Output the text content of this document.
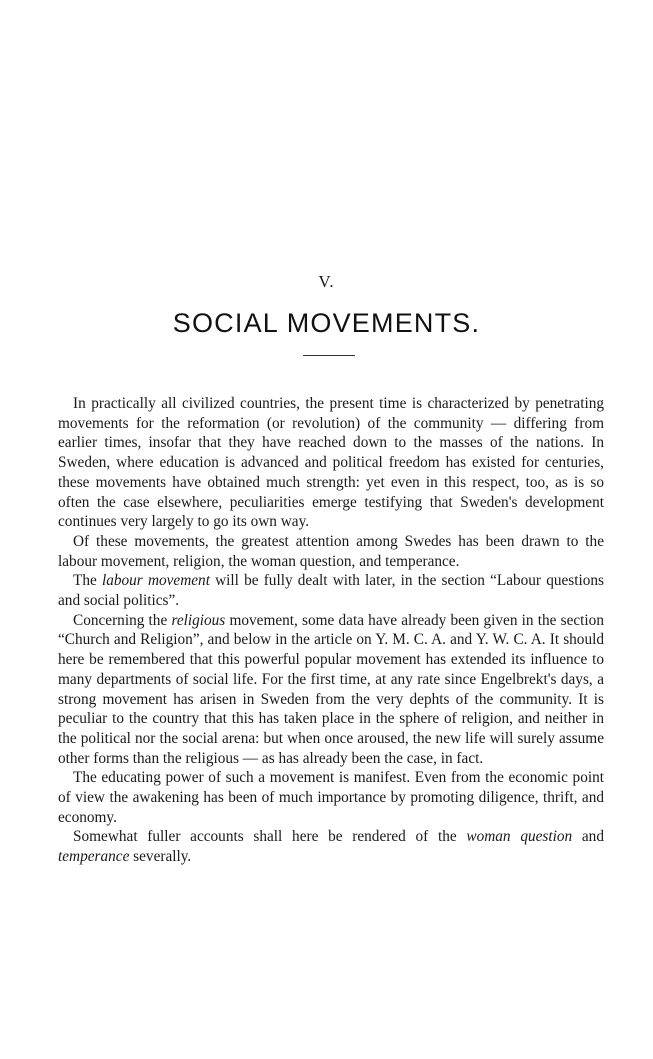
V.
SOCIAL MOVEMENTS.

In practically all civilized countries, the present time is characterized by penetrating movements for the reformation (or revolution) of the community — differing from earlier times, insofar that they have reached down to the masses of the nations. In Sweden, where education is advanced and political freedom has existed for centuries, these movements have obtained much strength: yet even in this respect, too, as is so often the case elsewhere, peculiarities emerge testifying that Sweden's development continues very largely to go its own way.

Of these movements, the greatest attention among Swedes has been drawn to the labour movement, religion, the woman question, and temperance.

The labour movement will be fully dealt with later, in the section “Labour questions and social politics”.

Concerning the religious movement, some data have already been given in the section “Church and Religion”, and below in the article on Y. M. C. A. and Y. W. C. A. It should here be remembered that this powerful popular movement has extended its influence to many departments of social life. For the first time, at any rate since Engelbrekt's days, a strong movement has arisen in Sweden from the very dephts of the community. It is peculiar to the country that this has taken place in the sphere of religion, and neither in the political nor the social arena: but when once aroused, the new life will surely assume other forms than the religious — as has already been the case, in fact.

The educating power of such a movement is manifest. Even from the economic point of view the awakening has been of much importance by promoting diligence, thrift, and economy.

Somewhat fuller accounts shall here be rendered of the woman question and temperance severally.
